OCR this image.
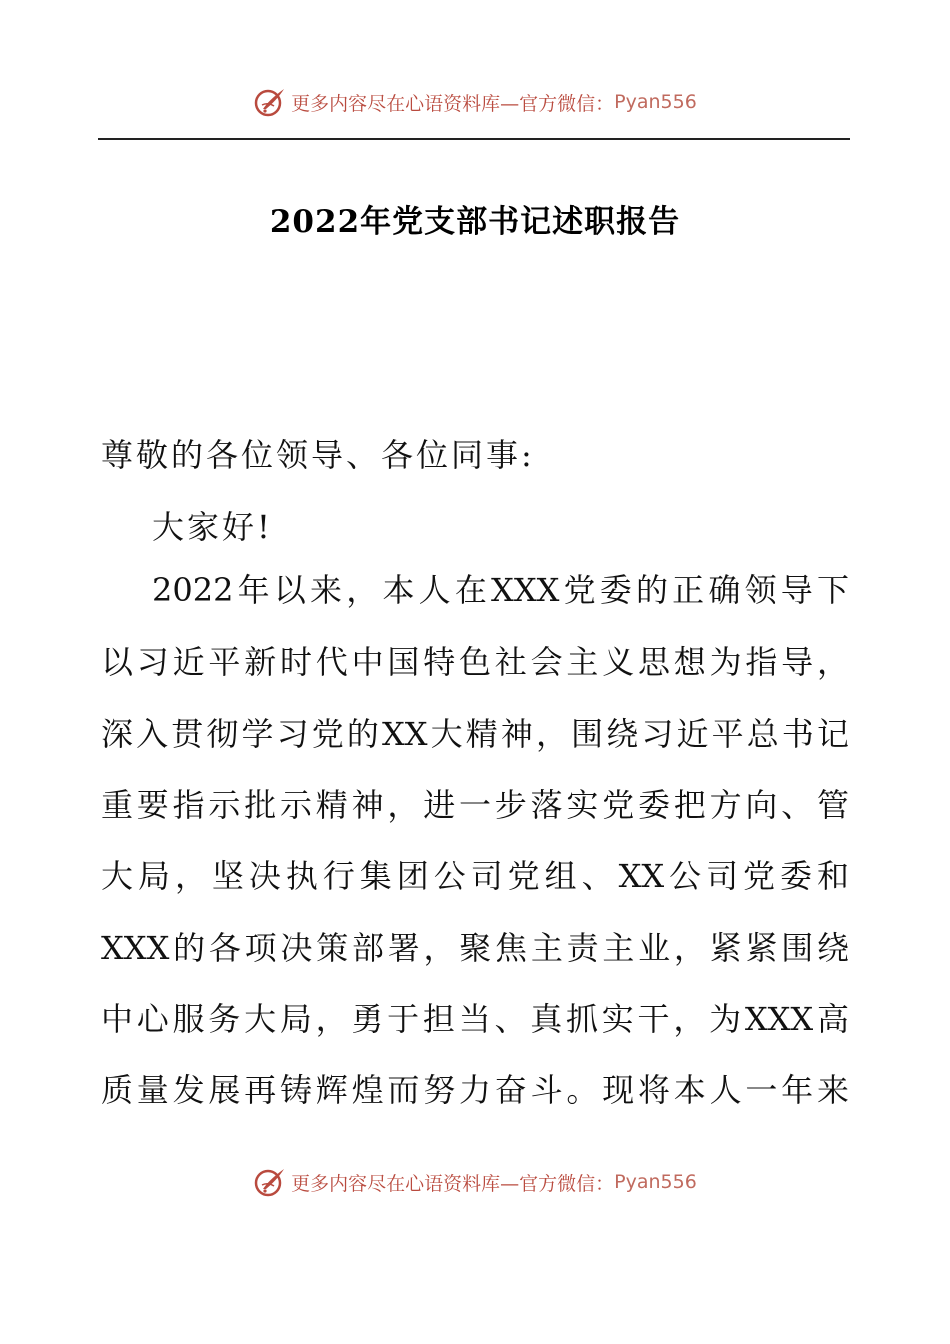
更多内容尽在心语资料库—官方微信： Pyan556
2022年党支部书记述职报告
尊敬的各位领导、各位同事:
大家好!
2022年以来，本人在XXX党委的正确领导下
以习近平新时代中国特色社会主义思想为指导，
深入贯彻学习党的XX大精神，围绕习近平总书记
重要指示批示精神，进一步落实党委把方向、管
大局，坚决执行集团公司党组、XX公司党委和
XXX的各项决策部署，聚焦主责主业，紧紧围绕
中心服务大局，勇于担当、真抓实干，为XXX高
质量发展再铸辉煌而努力奋斗。现将本人一年来
更多内容尽在心语资料库—官方微信： Pyan556
